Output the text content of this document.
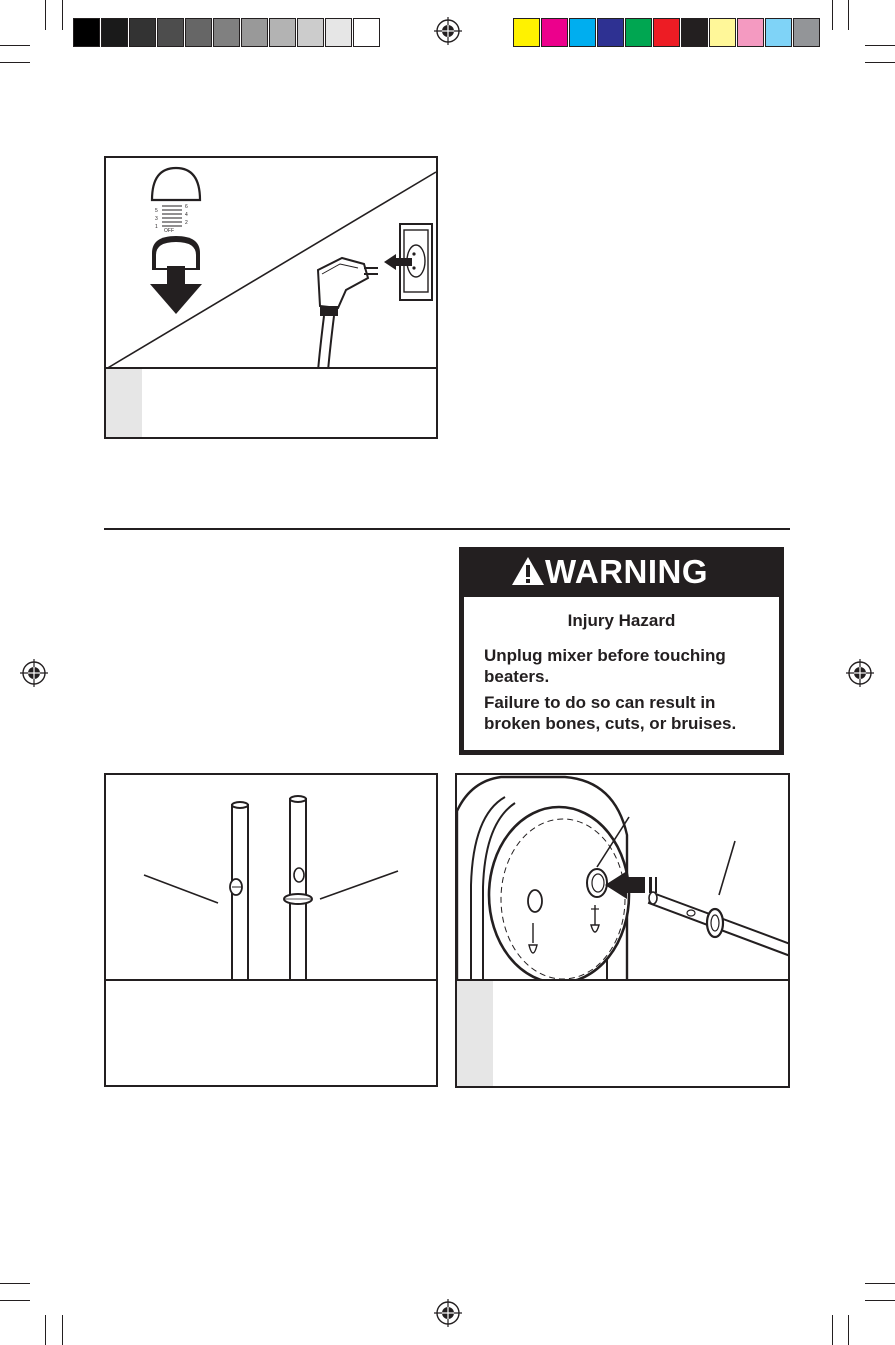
6
5
4
3
2
1
OFF
WARNING
Injury Hazard
Unplug mixer before touching beaters.
Failure to do so can result in broken bones, cuts, or bruises.
